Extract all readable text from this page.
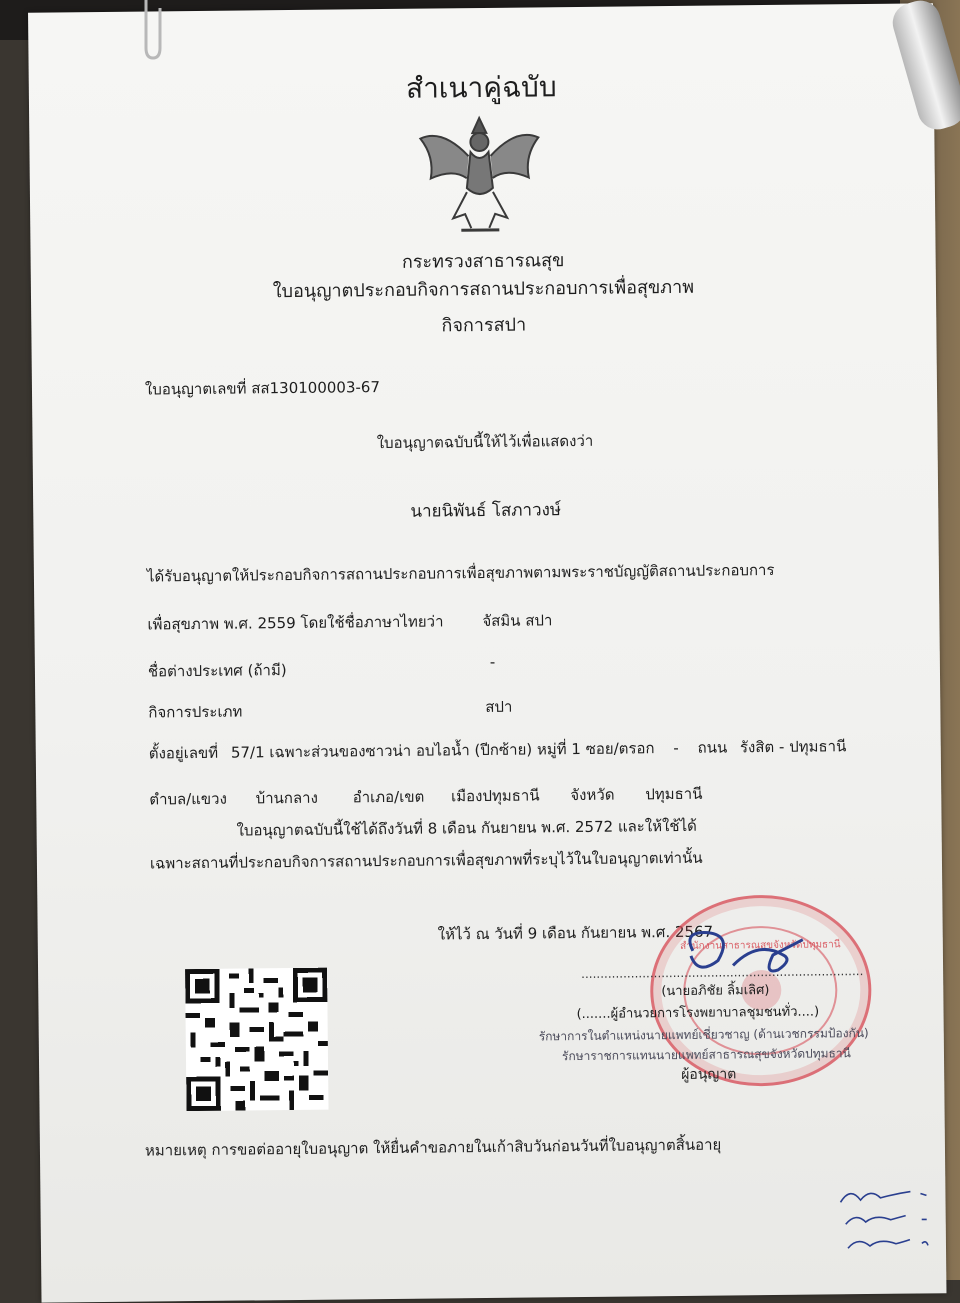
สำเนาคู่ฉบับ
กระทรวงสาธารณสุข
ใบอนุญาตประกอบกิจการสถานประกอบการเพื่อสุขภาพ
กิจการสปา
ใบอนุญาตเลขที่ สส130100003-67
ใบอนุญาตฉบับนี้ให้ไว้เพื่อแสดงว่า
นายนิพันธ์ โสภาวงษ์
ได้รับอนุญาตให้ประกอบกิจการสถานประกอบการเพื่อสุขภาพตามพระราชบัญญัติสถานประกอบการ
เพื่อสุขภาพ พ.ศ. 2559 โดยใช้ชื่อภาษาไทยว่า	จัสมิน สปา
ชื่อต่างประเทศ (ถ้ามี)	-
กิจการประเภท	สปา
ตั้งอยู่เลขที่ 57/1 เฉพาะส่วนของซาวน่า อบไอน้ำ (ปีกซ้าย) หมู่ที่ 1 ซอย/ตรอก - ถนน รังสิต - ปทุมธานี
ตำบล/แขวง บ้านกลาง อำเภอ/เขต เมืองปทุมธานี จังหวัด ปทุมธานี
ใบอนุญาตฉบับนี้ใช้ได้ถึงวันที่ 8 เดือน กันยายน พ.ศ. 2572 และให้ใช้ได้
เฉพาะสถานที่ประกอบกิจการสถานประกอบการเพื่อสุขภาพที่ระบุไว้ในใบอนุญาตเท่านั้น
ให้ไว้ ณ วันที่ 9 เดือน กันยายน พ.ศ. 2567
สำนักงานสาธารณสุขจังหวัดปทุมธานี
..........................................................................
(นายอภิชัย ลิ้มเลิศ)
(.......ผู้อำนวยการโรงพยาบาลชุมชนทั่ว....)
รักษาการในตำแหน่งนายแพทย์เชี่ยวชาญ (ด้านเวชกรรมป้องกัน)
รักษาราชการแทนนายแพทย์สาธารณสุขจังหวัดปทุมธานี
ผู้อนุญาต
หมายเหตุ การขอต่ออายุใบอนุญาต ให้ยื่นคำขอภายในเก้าสิบวันก่อนวันที่ใบอนุญาตสิ้นอายุ
